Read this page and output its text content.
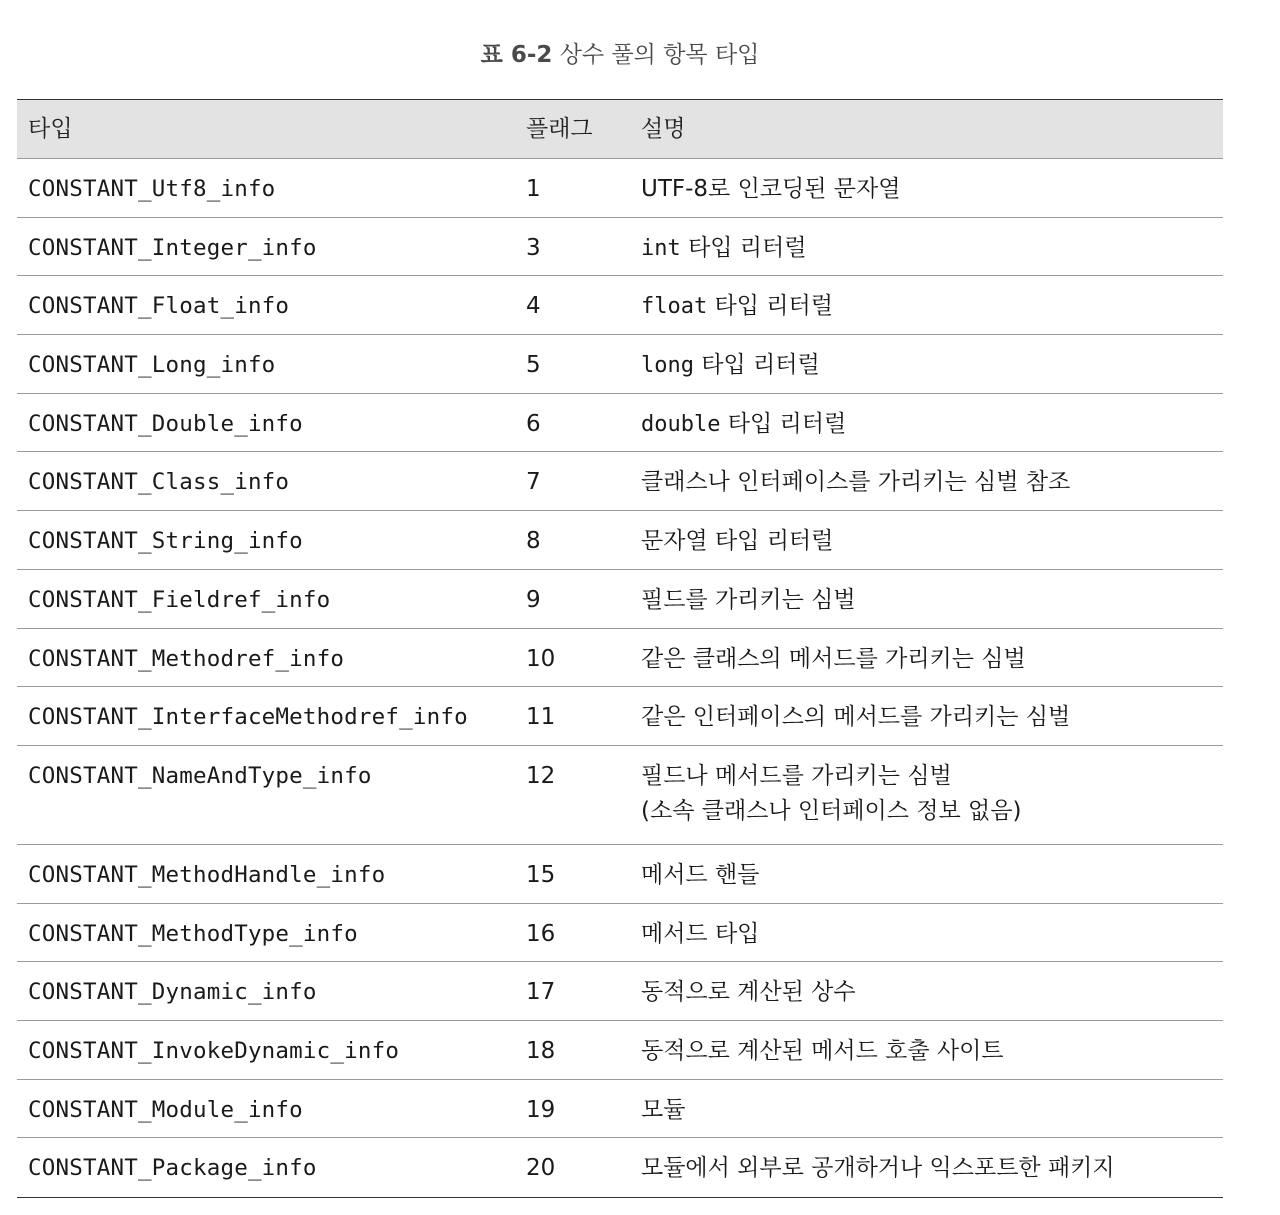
표 6-2 상수 풀의 항목 타입
타입	플래그	설명
CONSTANT_Utf8_info	1	UTF-8로 인코딩된 문자열
CONSTANT_Integer_info	3	int 타입 리터럴
CONSTANT_Float_info	4	float 타입 리터럴
CONSTANT_Long_info	5	long 타입 리터럴
CONSTANT_Double_info	6	double 타입 리터럴
CONSTANT_Class_info	7	클래스나 인터페이스를 가리키는 심벌 참조
CONSTANT_String_info	8	문자열 타입 리터럴
CONSTANT_Fieldref_info	9	필드를 가리키는 심벌
CONSTANT_Methodref_info	10	같은 클래스의 메서드를 가리키는 심벌
CONSTANT_InterfaceMethodref_info	11	같은 인터페이스의 메서드를 가리키는 심벌
CONSTANT_NameAndType_info	12	필드나 메서드를 가리키는 심벌
(소속 클래스나 인터페이스 정보 없음)
CONSTANT_MethodHandle_info	15	메서드 핸들
CONSTANT_MethodType_info	16	메서드 타입
CONSTANT_Dynamic_info	17	동적으로 계산된 상수
CONSTANT_InvokeDynamic_info	18	동적으로 계산된 메서드 호출 사이트
CONSTANT_Module_info	19	모듈
CONSTANT_Package_info	20	모듈에서 외부로 공개하거나 익스포트한 패키지
